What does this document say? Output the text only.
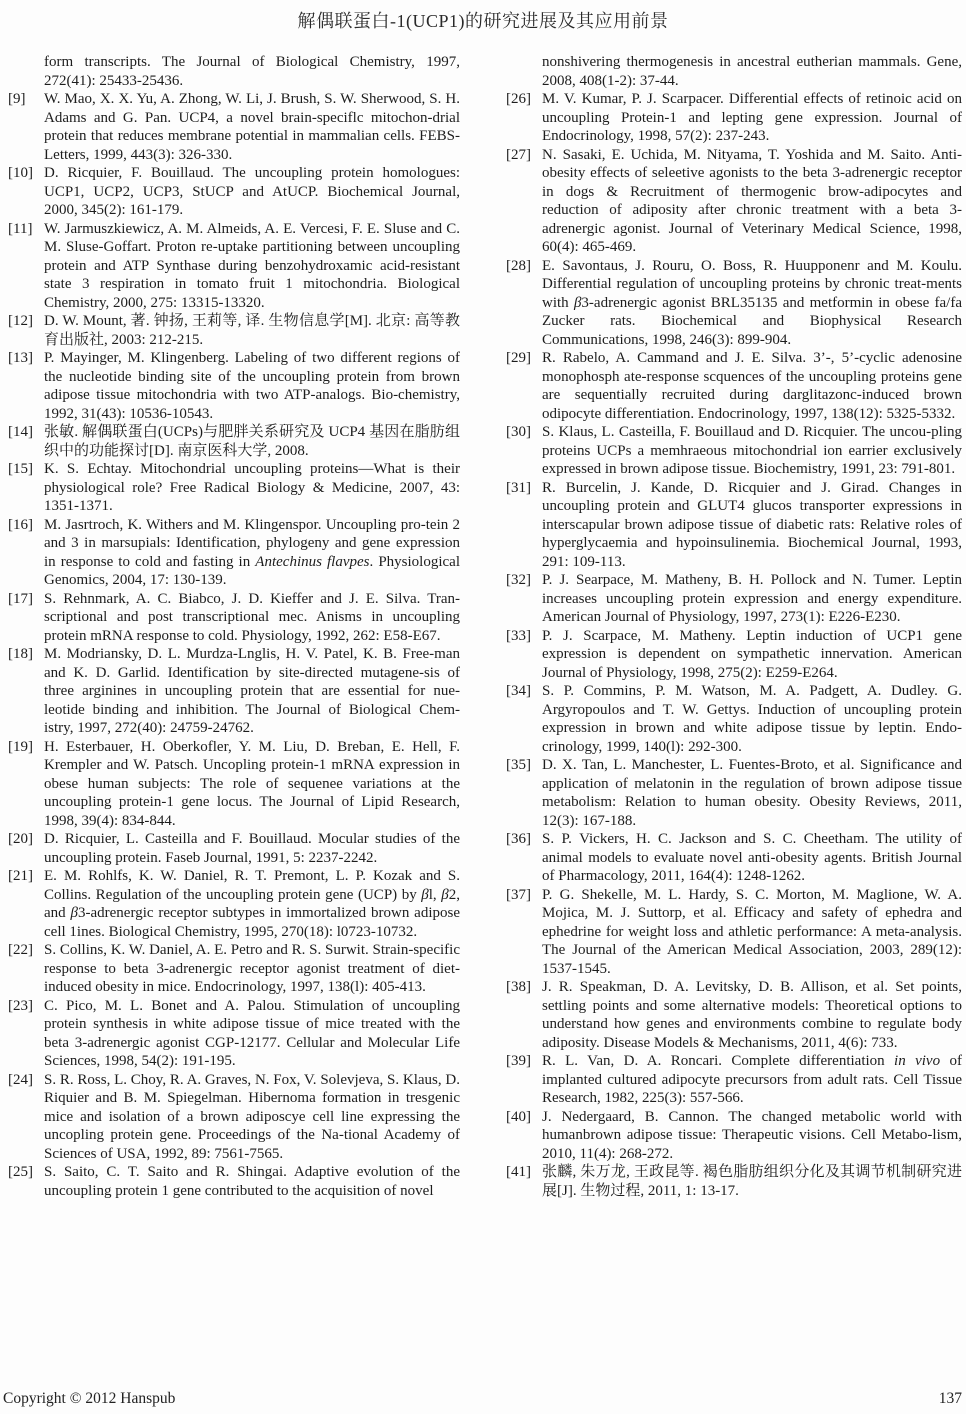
解偶联蛋白-1(UCP1)的研究进展及其应用前景
form transcripts. The Journal of Biological Chemistry, 1997, 272(41): 25433-25436.
[9] W. Mao, X. X. Yu, A. Zhong, W. Li, J. Brush, S. W. Sherwood, S. H. Adams and G. Pan. UCP4, a novel brain-speciflc mitochon-drial protein that reduces membrane potential in mammalian cells. FEBS-Letters, 1999, 443(3): 326-330.
[10] D. Ricquier, F. Bouillaud. The uncoupling protein homologues: UCP1, UCP2, UCP3, StUCP and AtUCP. Biochemical Journal, 2000, 345(2): 161-179.
[11] W. Jarmuszkiewicz, A. M. Almeids, A. E. Vercesi, F. E. Sluse and C. M. Sluse-Goffart. Proton re-uptake partitioning between uncoupling protein and ATP Synthase during benzohydroxamic acid-resistant state 3 respiration in tomato fruit 1 mitochondria. Biological Chemistry, 2000, 275: 13315-13320.
[12] D. W. Mount, 著. 钟扬, 王莉等, 译. 生物信息学[M]. 北京: 高等教育出版社, 2003: 212-215.
[13] P. Mayinger, M. Klingenberg. Labeling of two different regions of the nucleotide binding site of the uncoupling protein from brown adipose tissue mitochondria with two ATP-analogs. Bio-chemistry, 1992, 31(43): 10536-10543.
[14] 张敏. 解偶联蛋白(UCPs)与肥胖关系研究及 UCP4 基因在脂肪组织中的功能探讨[D]. 南京医科大学, 2008.
[15] K. S. Echtay. Mitochondrial uncoupling proteins—What is their physiological role? Free Radical Biology & Medicine, 2007, 43: 1351-1371.
[16] M. Jasrtroch, K. Withers and M. Klingenspor. Uncoupling pro-tein 2 and 3 in marsupials: Identification, phylogeny and gene expression in response to cold and fasting in Antechinus flavpes. Physiological Genomics, 2004, 17: 130-139.
[17] S. Rehnmark, A. C. Biabco, J. D. Kieffer and J. E. Silva. Tran-scriptional and post transcriptional mec. Anisms in uncoupling protein mRNA response to cold. Physiology, 1992, 262: E58-E67.
[18] M. Modriansky, D. L. Murdza-Lnglis, H. V. Patel, K. B. Free-man and K. D. Garlid. Identification by site-directed mutagene-sis of three arginines in uncoupling protein that are essential for nue- leotide binding and inhibition. The Journal of Biological Chem- istry, 1997, 272(40): 24759-24762.
[19] H. Esterbauer, H. Oberkofler, Y. M. Liu, D. Breban, E. Hell, F. Krempler and W. Patsch. Uncopling protein-1 mRNA expression in obese human subjects: The role of sequenee variations at the uncoupling protein-1 gene locus. The Journal of Lipid Research, 1998, 39(4): 834-844.
[20] D. Ricquier, L. Casteilla and F. Bouillaud. Mocular studies of the uncoupling protein. Faseb Journal, 1991, 5: 2237-2242.
[21] E. M. Rohlfs, K. W. Daniel, R. T. Premont, L. P. Kozak and S. Collins. Regulation of the uncoupling protein gene (UCP) by βl, β2, and β3-adrenergic receptor subtypes in immortalized brown adipose cell 1ines. Biological Chemistry, 1995, 270(18): l0723-10732.
[22] S. Collins, K. W. Daniel, A. E. Petro and R. S. Surwit. Strain-specific response to beta 3-adrenergic receptor agonist treatment of diet-induced obesity in mice. Endocrinology, 1997, 138(l): 405-413.
[23] C. Pico, M. L. Bonet and A. Palou. Stimulation of uncoupling protein synthesis in white adipose tissue of mice treated with the beta 3-adrenergic agonist CGP-12177. Cellular and Molecular Life Sciences, 1998, 54(2): 191-195.
[24] S. R. Ross, L. Choy, R. A. Graves, N. Fox, V. Solevjeva, S. Klaus, D. Riquier and B. M. Spiegelman. Hibernoma formation in tresgenic mice and isolation of a brown adiposcye cell line expressing the uncopling protein gene. Proceedings of the Na-tional Academy of Sciences of USA, 1992, 89: 7561-7565.
[25] S. Saito, C. T. Saito and R. Shingai. Adaptive evolution of the uncoupling protein 1 gene contributed to the acquisition of novel
nonshivering thermogenesis in ancestral eutherian mammals. Gene, 2008, 408(1-2): 37-44.
[26] M. V. Kumar, P. J. Scarpacer. Differential effects of retinoic acid on uncoupling Protein-1 and lepting gene expression. Journal of Endocrinology, 1998, 57(2): 237-243.
[27] N. Sasaki, E. Uchida, M. Nityama, T. Yoshida and M. Saito. Anti-obesity effects of seleetive agonists to the beta 3-adrenergic receptor in dogs & Recruitment of thermogenic brow-adipocytes and reduction of adiposity after chronic treatment with a beta 3-adrenergic agonist. Journal of Veterinary Medical Science, 1998, 60(4): 465-469.
[28] E. Savontaus, J. Rouru, O. Boss, R. Huupponenr and M. Koulu. Differential regulation of uncoupling proteins by chronic treat-ments with β3-adrenergic agonist BRL35135 and metformin in obese fa/fa Zucker rats. Biochemical and Biophysical Research Communications, 1998, 246(3): 899-904.
[29] R. Rabelo, A. Cammand and J. E. Silva. 3’-, 5’-cyclic adenosine monophosph ate-response scquences of the uncoupling proteins gene are sequentially recruited during darglitazonc-induced brown odipocyte differentiation. Endocrinology, 1997, 138(12): 5325-5332.
[30] S. Klaus, L. Casteilla, F. Bouillaud and D. Ricquier. The uncou-pling proteins UCPs a memhraeous mitochondrial ion earrier exclusively expressed in brown adipose tissue. Biochemistry, 1991, 23: 791-801.
[31] R. Burcelin, J. Kande, D. Ricquier and J. Girad. Changes in uncoupling protein and GLUT4 glucos transporter expressions in interscapular brown adipose tissue of diabetic rats: Relative roles of hyperglycaemia and hypoinsulinemia. Biochemical Journal, 1993, 291: 109-113.
[32] P. J. Searpace, M. Matheny, B. H. Pollock and N. Tumer. Leptin increases uncoupling protein expression and energy expenditure. American Journal of Physiology, 1997, 273(1): E226-E230.
[33] P. J. Scarpace, M. Matheny. Leptin induction of UCP1 gene expression is dependent on sympathetic innervation. American Journal of Physiology, 1998, 275(2): E259-E264.
[34] S. P. Commins, P. M. Watson, M. A. Padgett, A. Dudley. G. Argyropoulos and T. W. Gettys. Induction of uncoupling protein expression in brown and white adipose tissue by leptin. Endo-crinology, 1999, 140(l): 292-300.
[35] D. X. Tan, L. Manchester, L. Fuentes-Broto, et al. Significance and application of melatonin in the regulation of brown adipose tissue metabolism: Relation to human obesity. Obesity Reviews, 2011, 12(3): 167-188.
[36] S. P. Vickers, H. C. Jackson and S. C. Cheetham. The utility of animal models to evaluate novel anti-obesity agents. British Journal of Pharmacology, 2011, 164(4): 1248-1262.
[37] P. G. Shekelle, M. L. Hardy, S. C. Morton, M. Maglione, W. A. Mojica, M. J. Suttorp, et al. Efficacy and safety of ephedra and ephedrine for weight loss and athletic performance: A meta-analysis. The Journal of the American Medical Association, 2003, 289(12): 1537-1545.
[38] J. R. Speakman, D. A. Levitsky, D. B. Allison, et al. Set points, settling points and some alternative models: Theoretical options to understand how genes and environments combine to regulate body adiposity. Disease Models & Mechanisms, 2011, 4(6): 733.
[39] R. L. Van, D. A. Roncari. Complete differentiation in vivo of implanted cultured adipocyte precursors from adult rats. Cell Tissue Research, 1982, 225(3): 557-566.
[40] J. Nedergaard, B. Cannon. The changed metabolic world with humanbrown adipose tissue: Therapeutic visions. Cell Metabo-lism, 2010, 11(4): 268-272.
[41] 张麟, 朱万龙, 王政昆等. 褐色脂肪组织分化及其调节机制研究进展[J]. 生物过程, 2011, 1: 13-17.
Copyright © 2012 Hanspub	137
